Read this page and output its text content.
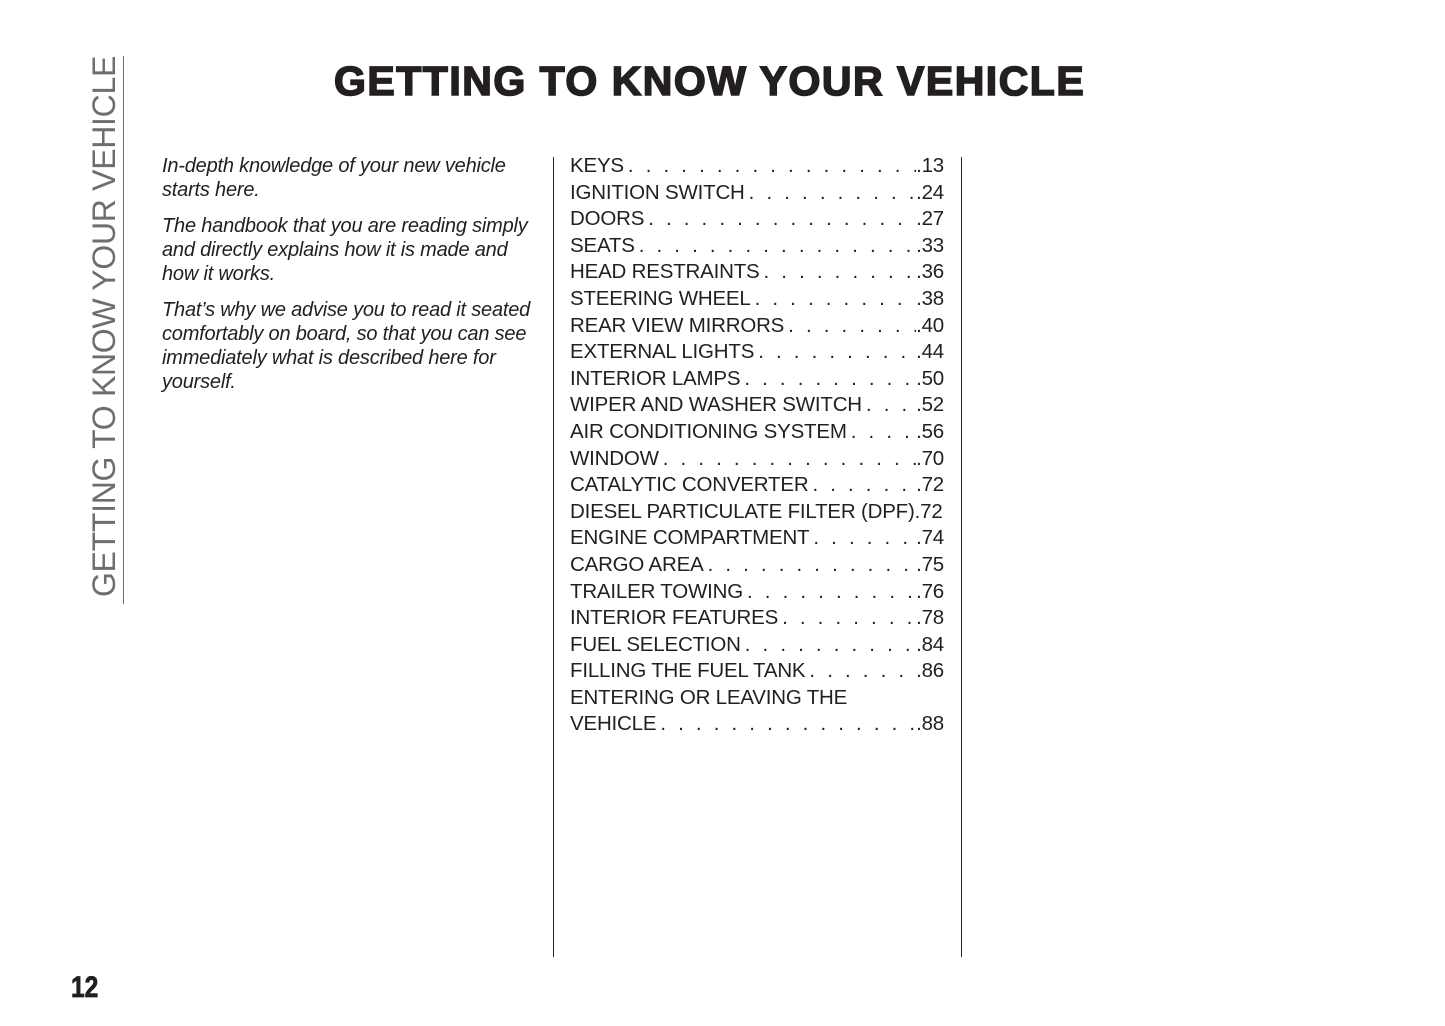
GETTING TO KNOW YOUR VEHICLE	GETTING TO KNOW YOUR VEHICLE

In-depth knowledge of your new vehicle starts here.

The handbook that you are reading simply and directly explains how it is made and how it works.

That’s why we advise you to read it seated comfortably on board, so that you can see immediately what is described here for yourself.

KEYS . . .	.13
IGNITION SWITCH . . .	.24
DOORS . . .	.27
SEATS . . .	.33
HEAD RESTRAINTS . . .	.36
STEERING WHEEL . . .	.38
REAR VIEW MIRRORS . . .	.40
EXTERNAL LIGHTS . . .	.44
INTERIOR LAMPS . . .	.50
WIPER AND WASHER SWITCH . . .	.52
AIR CONDITIONING SYSTEM . . .	.56
WINDOW . . .	.70
CATALYTIC CONVERTER . . .	.72
DIESEL PARTICULATE FILTER (DPF) .72
ENGINE COMPARTMENT . . .	.74
CARGO AREA . . .	.75
TRAILER TOWING . . .	.76
INTERIOR FEATURES . . .	.78
FUEL SELECTION . . .	.84
FILLING THE FUEL TANK . . .	.86
ENTERING OR LEAVING THE
VEHICLE . . .	.88
12
